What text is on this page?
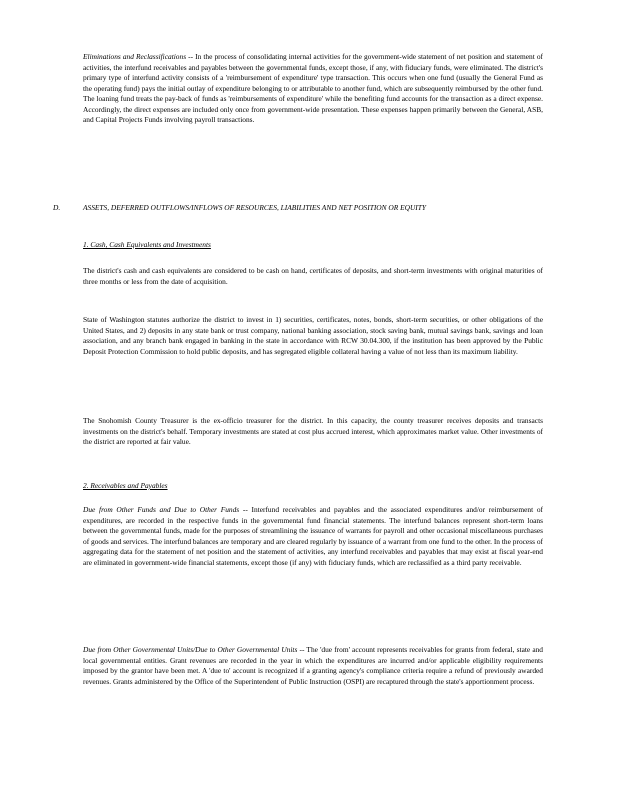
Eliminations and Reclassifications -- In the process of consolidating internal activities for the government-wide statement of net position and statement of activities, the interfund receivables and payables between the governmental funds, except those, if any, with fiduciary funds, were eliminated. The district's primary type of interfund activity consists of a 'reimbursement of expenditure' type transaction. This occurs when one fund (usually the General Fund as the operating fund) pays the initial outlay of expenditure belonging to or attributable to another fund, which are subsequently reimbursed by the other fund. The loaning fund treats the pay-back of funds as 'reimbursements of expenditure' while the benefiting fund accounts for the transaction as a direct expense. Accordingly, the direct expenses are included only once from government-wide presentation. These expenses happen primarily between the General, ASB, and Capital Projects Funds involving payroll transactions.

D.	ASSETS, DEFERRED OUTFLOWS/INFLOWS OF RESOURCES, LIABILITIES AND NET POSITION OR EQUITY

1. Cash, Cash Equivalents and Investments

The district's cash and cash equivalents are considered to be cash on hand, certificates of deposits, and short-term investments with original maturities of three months or less from the date of acquisition.

State of Washington statutes authorize the district to invest in 1) securities, certificates, notes, bonds, short-term securities, or other obligations of the United States, and 2) deposits in any state bank or trust company, national banking association, stock saving bank, mutual savings bank, savings and loan association, and any branch bank engaged in banking in the state in accordance with RCW 30.04.300, if the institution has been approved by the Public Deposit Protection Commission to hold public deposits, and has segregated eligible collateral having a value of not less than its maximum liability.

The Snohomish County Treasurer is the ex-officio treasurer for the district. In this capacity, the county treasurer receives deposits and transacts investments on the district's behalf. Temporary investments are stated at cost plus accrued interest, which approximates market value. Other investments of the district are reported at fair value.

2. Receivables and Payables

Due from Other Funds and Due to Other Funds -- Interfund receivables and payables and the associated expenditures and/or reimbursement of expenditures, are recorded in the respective funds in the governmental fund financial statements. The interfund balances represent short-term loans between the governmental funds, made for the purposes of streamlining the issuance of warrants for payroll and other occasional miscellaneous purchases of goods and services. The interfund balances are temporary and are cleared regularly by issuance of a warrant from one fund to the other. In the process of aggregating data for the statement of net position and the statement of activities, any interfund receivables and payables that may exist at fiscal year-end are eliminated in government-wide financial statements, except those (if any) with fiduciary funds, which are reclassified as a third party receivable.

Due from Other Governmental Units/Due to Other Governmental Units -- The 'due from' account represents receivables for grants from federal, state and local governmental entities. Grant revenues are recorded in the year in which the expenditures are incurred and/or applicable eligibility requirements imposed by the grantor have been met. A 'due to' account is recognized if a granting agency's compliance criteria require a refund of previously awarded revenues. Grants administered by the Office of the Superintendent of Public Instruction (OSPI) are recaptured through the state's apportionment process.
